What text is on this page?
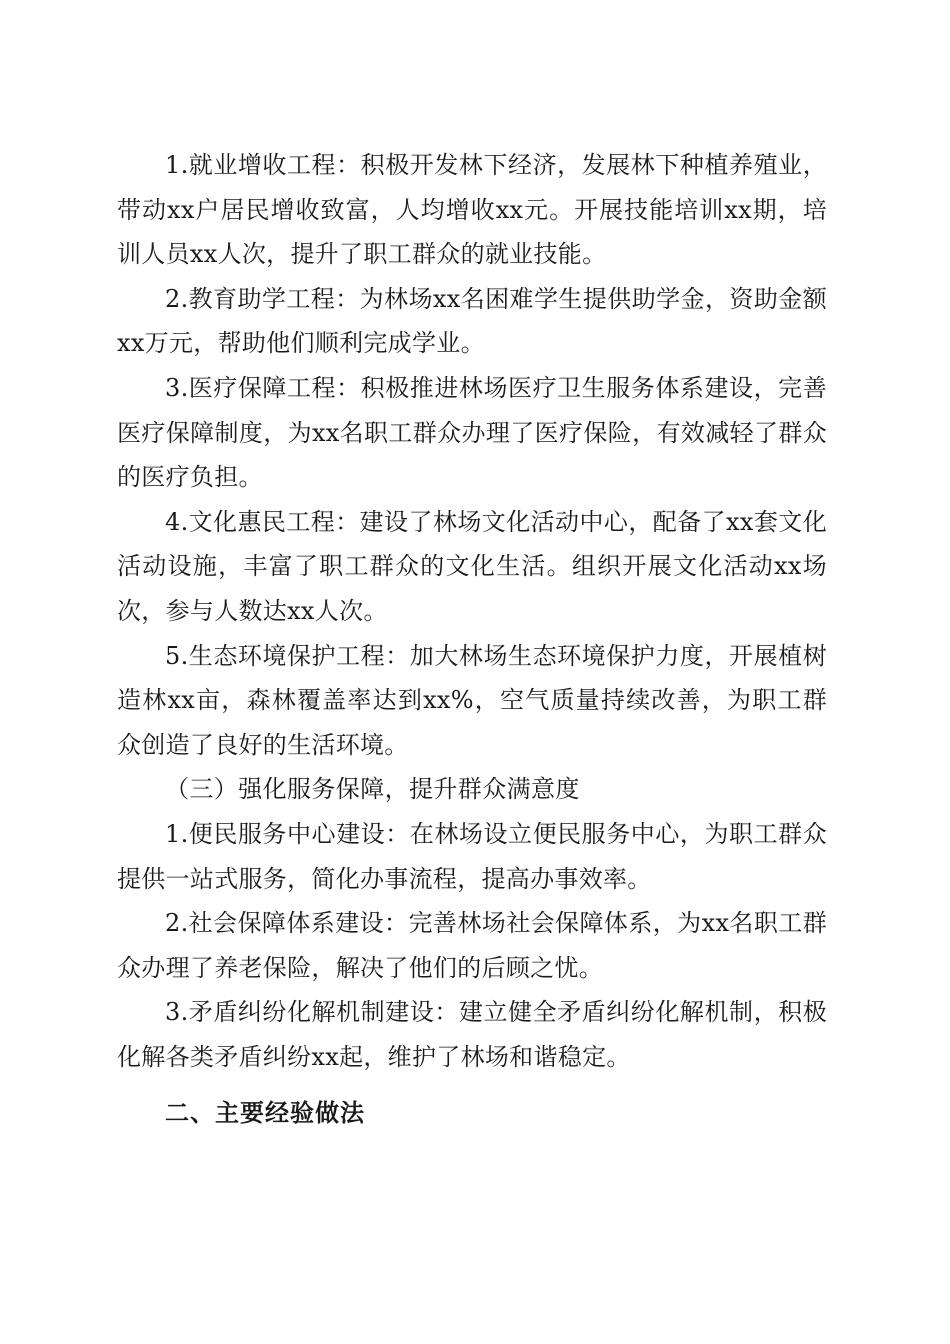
1.就业增收工程：积极开发林下经济，发展林下种植养殖业，带动xx户居民增收致富，人均增收xx元。开展技能培训xx期，培训人员xx人次，提升了职工群众的就业技能。

2.教育助学工程：为林场xx名困难学生提供助学金，资助金额xx万元，帮助他们顺利完成学业。

3.医疗保障工程：积极推进林场医疗卫生服务体系建设，完善医疗保障制度，为xx名职工群众办理了医疗保险，有效减轻了群众的医疗负担。

4.文化惠民工程：建设了林场文化活动中心，配备了xx套文化活动设施，丰富了职工群众的文化生活。组织开展文化活动xx场次，参与人数达xx人次。

5.生态环境保护工程：加大林场生态环境保护力度，开展植树造林xx亩，森林覆盖率达到xx%，空气质量持续改善，为职工群众创造了良好的生活环境。

（三）强化服务保障，提升群众满意度

1.便民服务中心建设：在林场设立便民服务中心，为职工群众提供一站式服务，简化办事流程，提高办事效率。

2.社会保障体系建设：完善林场社会保障体系，为xx名职工群众办理了养老保险，解决了他们的后顾之忧。

3.矛盾纠纷化解机制建设：建立健全矛盾纠纷化解机制，积极化解各类矛盾纠纷xx起，维护了林场和谐稳定。

二、主要经验做法
